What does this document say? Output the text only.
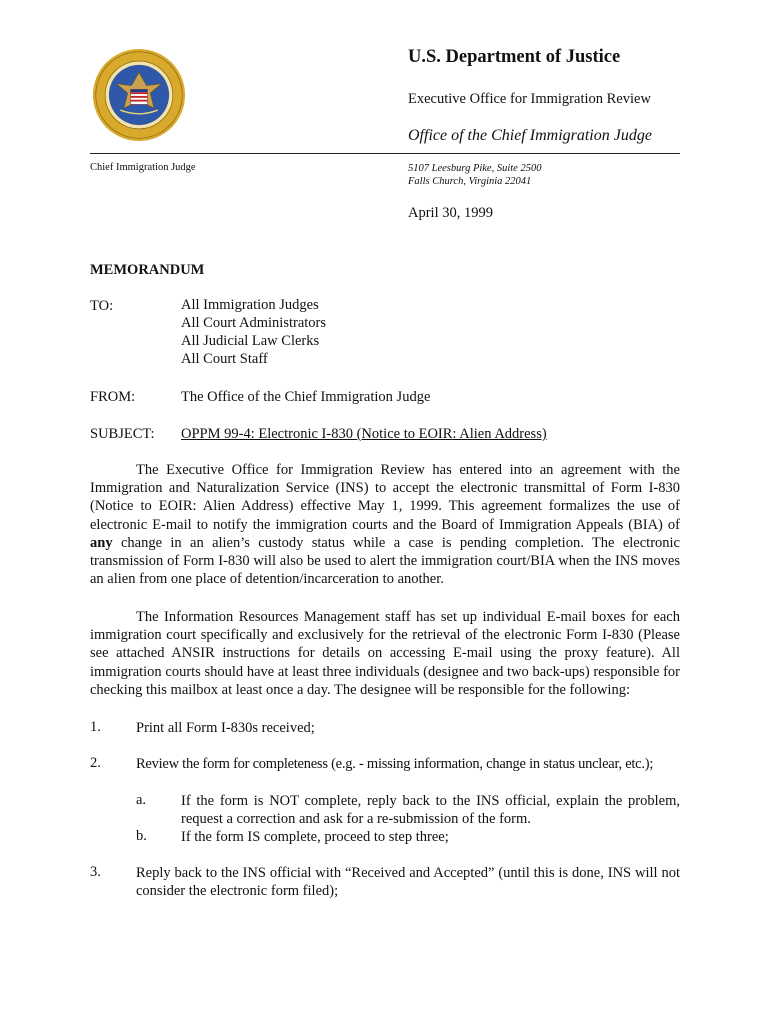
U.S. Department of Justice
Executive Office for Immigration Review
Office of the Chief Immigration Judge
Chief Immigration Judge	5107 Leesburg Pike, Suite 2500
Falls Church, Virginia 22041
April 30, 1999
MEMORANDUM
TO:	All Immigration Judges
All Court Administrators
All Judicial Law Clerks
All Court Staff
FROM:	The Office of the Chief Immigration Judge
SUBJECT: OPPM 99-4: Electronic I-830 (Notice to EOIR: Alien Address)
The Executive Office for Immigration Review has entered into an agreement with the Immigration and Naturalization Service (INS) to accept the electronic transmittal of Form I-830 (Notice to EOIR: Alien Address) effective May 1, 1999. This agreement formalizes the use of electronic E-mail to notify the immigration courts and the Board of Immigration Appeals (BIA) of any change in an alien’s custody status while a case is pending completion. The electronic transmission of Form I-830 will also be used to alert the immigration court/BIA when the INS moves an alien from one place of detention/incarceration to another.
The Information Resources Management staff has set up individual E-mail boxes for each immigration court specifically and exclusively for the retrieval of the electronic Form I-830 (Please see attached ANSIR instructions for details on accessing E-mail using the proxy feature). All immigration courts should have at least three individuals (designee and two back-ups) responsible for checking this mailbox at least once a day. The designee will be responsible for the following:
1. Print all Form I-830s received;
2. Review the form for completeness (e.g. - missing information, change in status unclear, etc.);
a. If the form is NOT complete, reply back to the INS official, explain the problem, request a correction and ask for a re-submission of the form.
b. If the form IS complete, proceed to step three;
3. Reply back to the INS official with “Received and Accepted” (until this is done, INS will not consider the electronic form filed);
